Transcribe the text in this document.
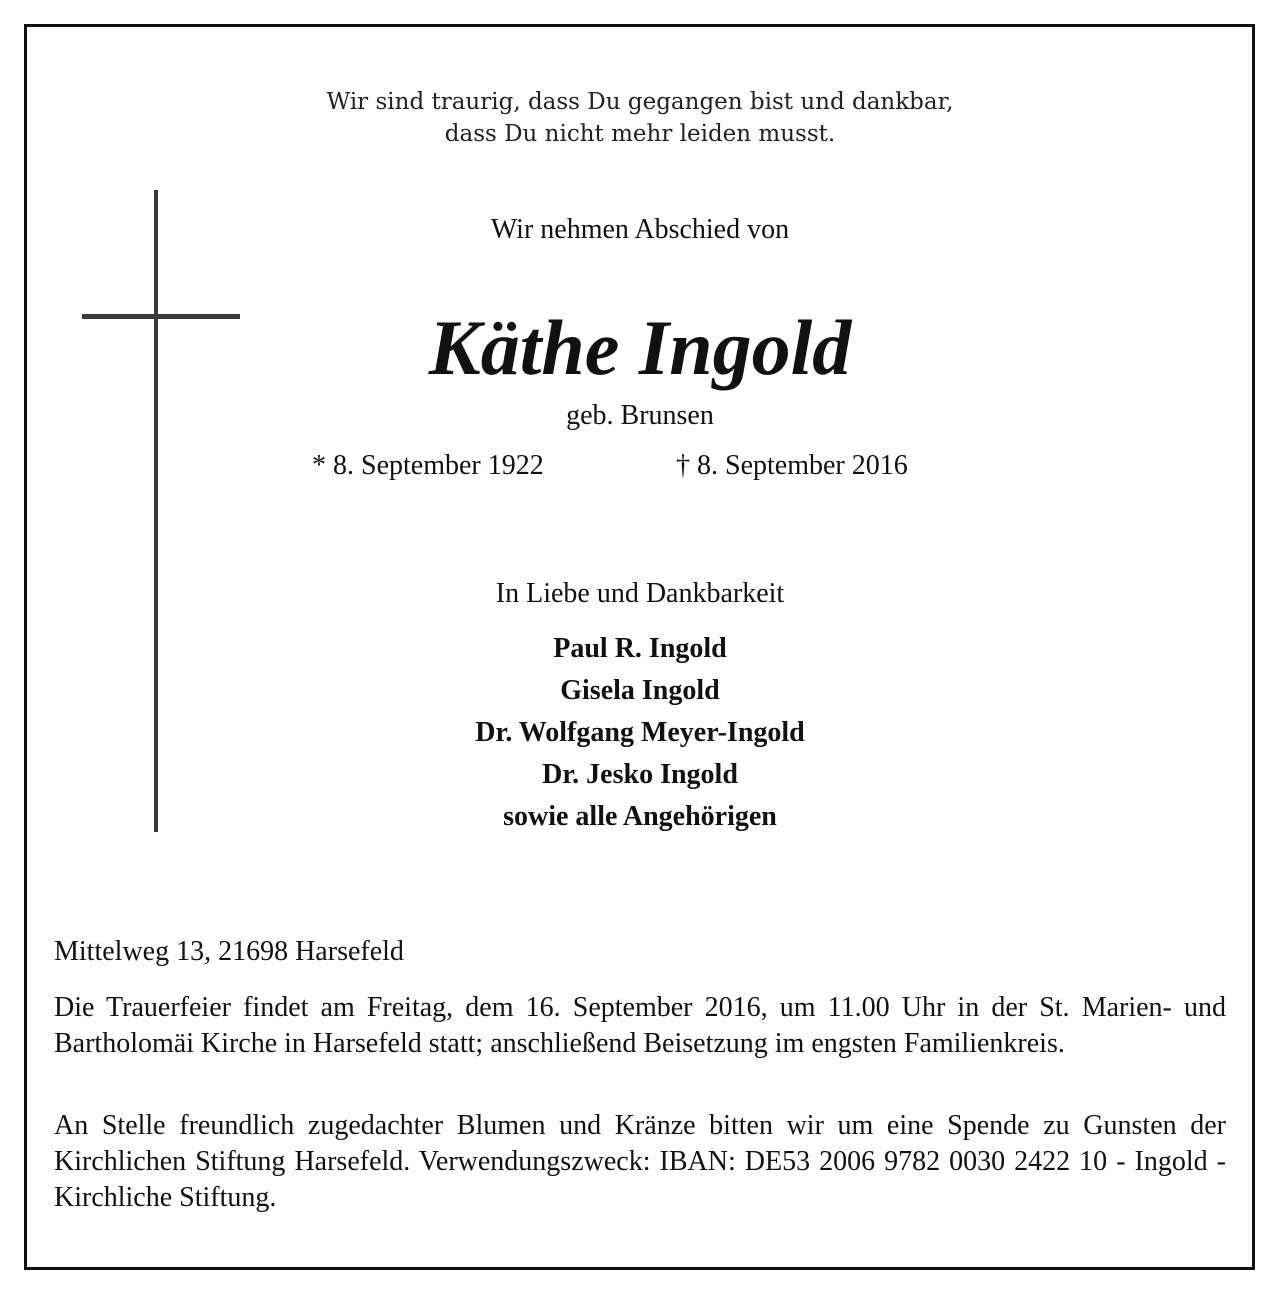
Wir sind traurig, dass Du gegangen bist und dankbar,
dass Du nicht mehr leiden musst.
Wir nehmen Abschied von
Käthe Ingold
geb. Brunsen
* 8. September 1922	† 8. September 2016
In Liebe und Dankbarkeit
Paul R. Ingold
Gisela Ingold
Dr. Wolfgang Meyer-Ingold
Dr. Jesko Ingold
sowie alle Angehörigen
Mittelweg 13, 21698 Harsefeld

Die Trauerfeier findet am Freitag, dem 16. September 2016, um 11.00 Uhr in der St. Marien- und Bartholomäi Kirche in Harsefeld statt; anschließend Beisetzung im engsten Familienkreis.

An Stelle freundlich zugedachter Blumen und Kränze bitten wir um eine Spende zu Gunsten der Kirchlichen Stiftung Harsefeld. Verwendungszweck: IBAN: DE53 2006 9782 0030 2422 10 - Ingold - Kirchliche Stiftung.
